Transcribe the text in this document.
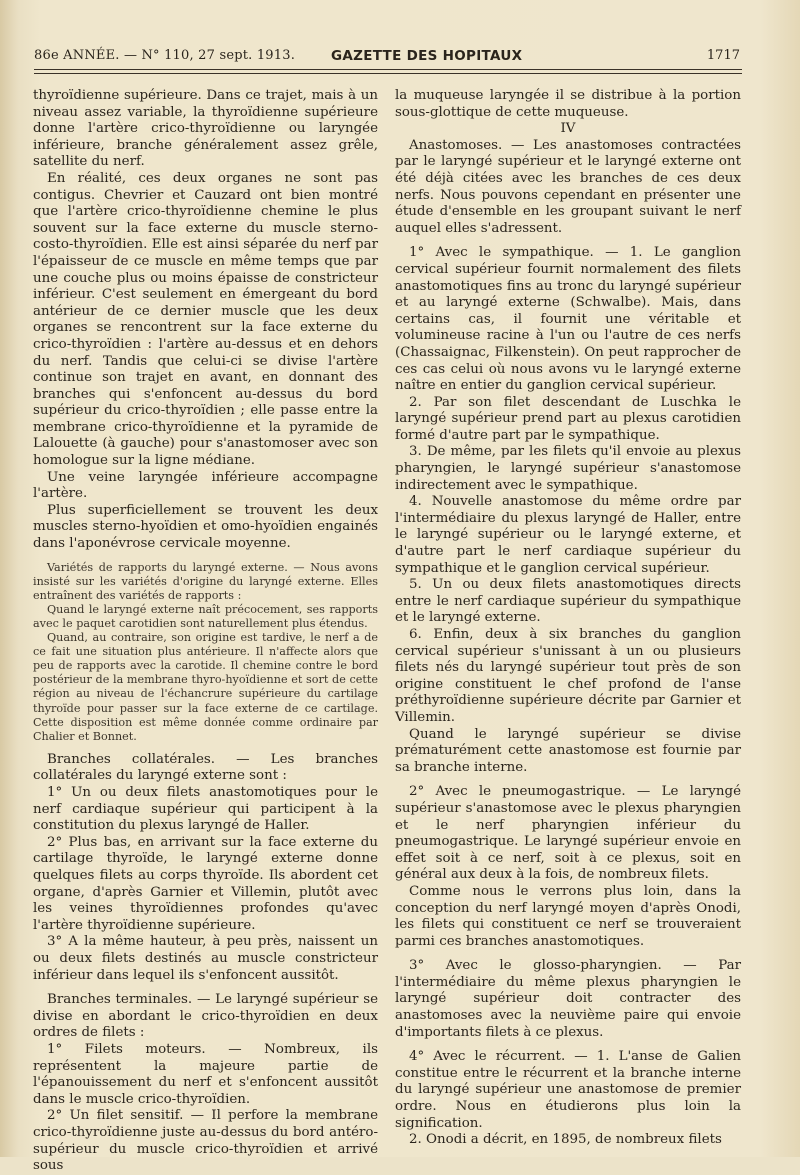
86e ANNÉE. — N° 110, 27 sept. 1913.	GAZETTE DES HOPITAUX	1717

thyroïdienne supérieure. Dans ce trajet, mais à un niveau assez variable, la thyroïdienne supérieure donne l'artère crico-thyroïdienne ou laryngée inférieure, branche généralement assez grêle, satellite du nerf.

En réalité, ces deux organes ne sont pas contigus. Chevrier et Cauzard ont bien montré que l'artère crico-thyroïdienne chemine le plus souvent sur la face externe du muscle sterno-costo-thyroïdien. Elle est ainsi séparée du nerf par l'épaisseur de ce muscle en même temps que par une couche plus ou moins épaisse de constricteur inférieur. C'est seulement en émergeant du bord antérieur de ce dernier muscle que les deux organes se rencontrent sur la face externe du crico-thyroïdien : l'artère au-dessus et en dehors du nerf. Tandis que celui-ci se divise l'artère continue son trajet en avant, en donnant des branches qui s'enfoncent au-dessus du bord supérieur du crico-thyroïdien ; elle passe entre la membrane crico-thyroïdienne et la pyramide de Lalouette (à gauche) pour s'anastomoser avec son homologue sur la ligne médiane.

Une veine laryngée inférieure accompagne l'artère.

Plus superficiellement se trouvent les deux muscles sterno-hyoïdien et omo-hyoïdien engainés dans l'aponévrose cervicale moyenne.

Variétés de rapports du laryngé externe. — Nous avons insisté sur les variétés d'origine du laryngé externe. Elles entraînent des variétés de rapports :

Quand le laryngé externe naît précocement, ses rapports avec le paquet carotidien sont naturellement plus étendus.

Quand, au contraire, son origine est tardive, le nerf a de ce fait une situation plus antérieure. Il n'affecte alors que peu de rapports avec la carotide. Il chemine contre le bord postérieur de la membrane thyro-hyoïdienne et sort de cette région au niveau de l'échancrure supérieure du cartilage thyroïde pour passer sur la face externe de ce cartilage. Cette disposition est même donnée comme ordinaire par Chalier et Bonnet.

Branches collatérales. — Les branches collatérales du laryngé externe sont :

1° Un ou deux filets anastomotiques pour le nerf cardiaque supérieur qui participent à la constitution du plexus laryngé de Haller.

2° Plus bas, en arrivant sur la face externe du cartilage thyroïde, le laryngé externe donne quelques filets au corps thyroïde. Ils abordent cet organe, d'après Garnier et Villemin, plutôt avec les veines thyroïdiennes profondes qu'avec l'artère thyroïdienne supérieure.

3° A la même hauteur, à peu près, naissent un ou deux filets destinés au muscle constricteur inférieur dans lequel ils s'enfoncent aussitôt.

Branches terminales. — Le laryngé supérieur se divise en abordant le crico-thyroïdien en deux ordres de filets :

1° Filets moteurs. — Nombreux, ils représentent la majeure partie de l'épanouissement du nerf et s'enfoncent aussitôt dans le muscle crico-thyroïdien.

2° Un filet sensitif. — Il perfore la membrane crico-thyroïdienne juste au-dessus du bord antéro-supérieur du muscle crico-thyroïdien et arrivé sous

la muqueuse laryngée il se distribue à la portion sous-glottique de cette muqueuse.

IV

Anastomoses. — Les anastomoses contractées par le laryngé supérieur et le laryngé externe ont été déjà citées avec les branches de ces deux nerfs. Nous pouvons cependant en présenter une étude d'ensemble en les groupant suivant le nerf auquel elles s'adressent.

1° Avec le sympathique. — 1. Le ganglion cervical supérieur fournit normalement des filets anastomotiques fins au tronc du laryngé supérieur et au laryngé externe (Schwalbe). Mais, dans certains cas, il fournit une véritable et volumineuse racine à l'un ou l'autre de ces nerfs (Chassaignac, Filkenstein). On peut rapprocher de ces cas celui où nous avons vu le laryngé externe naître en entier du ganglion cervical supérieur.

2. Par son filet descendant de Luschka le laryngé supérieur prend part au plexus carotidien formé d'autre part par le sympathique.

3. De même, par les filets qu'il envoie au plexus pharyngien, le laryngé supérieur s'anastomose indirectement avec le sympathique.

4. Nouvelle anastomose du même ordre par l'intermédiaire du plexus laryngé de Haller, entre le laryngé supérieur ou le laryngé externe, et d'autre part le nerf cardiaque supérieur du sympathique et le ganglion cervical supérieur.

5. Un ou deux filets anastomotiques directs entre le nerf cardiaque supérieur du sympathique et le laryngé externe.

6. Enfin, deux à six branches du ganglion cervical supérieur s'unissant à un ou plusieurs filets nés du laryngé supérieur tout près de son origine constituent le chef profond de l'anse préthyroïdienne supérieure décrite par Garnier et Villemin.

Quand le laryngé supérieur se divise prématurément cette anastomose est fournie par sa branche interne.

2° Avec le pneumogastrique. — Le laryngé supérieur s'anastomose avec le plexus pharyngien et le nerf pharyngien inférieur du pneumogastrique. Le laryngé supérieur envoie en effet soit à ce nerf, soit à ce plexus, soit en général aux deux à la fois, de nombreux filets.

Comme nous le verrons plus loin, dans la conception du nerf laryngé moyen d'après Onodi, les filets qui constituent ce nerf se trouveraient parmi ces branches anastomotiques.

3° Avec le glosso-pharyngien. — Par l'intermédiaire du même plexus pharyngien le laryngé supérieur doit contracter des anastomoses avec la neuvième paire qui envoie d'importants filets à ce plexus.

4° Avec le récurrent. — 1. L'anse de Galien constitue entre le récurrent et la branche interne du laryngé supérieur une anastomose de premier ordre. Nous en étudierons plus loin la signification.

2. Onodi a décrit, en 1895, de nombreux filets
